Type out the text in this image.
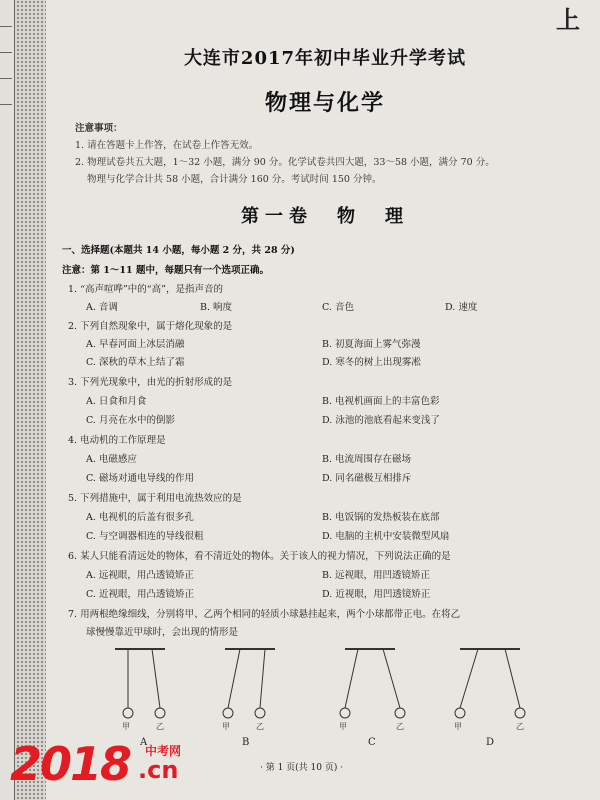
上
大连市2017年初中毕业升学考试
物理与化学
注意事项：
1. 请在答题卡上作答，在试卷上作答无效。
2. 物理试卷共五大题，1～32 小题，满分 90 分。化学试卷共四大题，33～58 小题，满分 70 分。
物理与化学合计共 58 小题，合计满分 160 分。考试时间 150 分钟。
第一卷　物　理
一、选择题(本题共 14 小题，每小题 2 分，共 28 分)
注意：第 1～11 题中，每题只有一个选项正确。
1. “高声喧哗”中的“高”，是指声音的
A. 音调	B. 响度	C. 音色	D. 速度
2. 下列自然现象中，属于熔化现象的是
A. 早春河面上冰层消融	B. 初夏海面上雾气弥漫
C. 深秋的草木上结了霜	D. 寒冬的树上出现雾凇
3. 下列光现象中，由光的折射形成的是
A. 日食和月食	B. 电视机画面上的丰富色彩
C. 月亮在水中的倒影	D. 泳池的池底看起来变浅了
4. 电动机的工作原理是
A. 电磁感应	B. 电流周围存在磁场
C. 磁场对通电导线的作用	D. 同名磁极互相排斥
5. 下列措施中，属于利用电流热效应的是
A. 电视机的后盖有很多孔	B. 电饭锅的发热板装在底部
C. 与空调器相连的导线很粗	D. 电脑的主机中安装微型风扇
6. 某人只能看清远处的物体，看不清近处的物体。关于该人的视力情况，下列说法正确的是
A. 远视眼，用凸透镜矫正	B. 远视眼，用凹透镜矫正
C. 近视眼，用凸透镜矫正	D. 近视眼，用凹透镜矫正
7. 用两根绝缘细线，分别将甲、乙两个相同的轻质小球悬挂起来，两个小球都带正电。在将乙
球慢慢靠近甲球时，会出现的情形是
甲	乙	甲	乙	甲	乙	甲	乙
A	B	C	D
· 第 1 页(共 10 页) ·
2018 中考网
.cn
